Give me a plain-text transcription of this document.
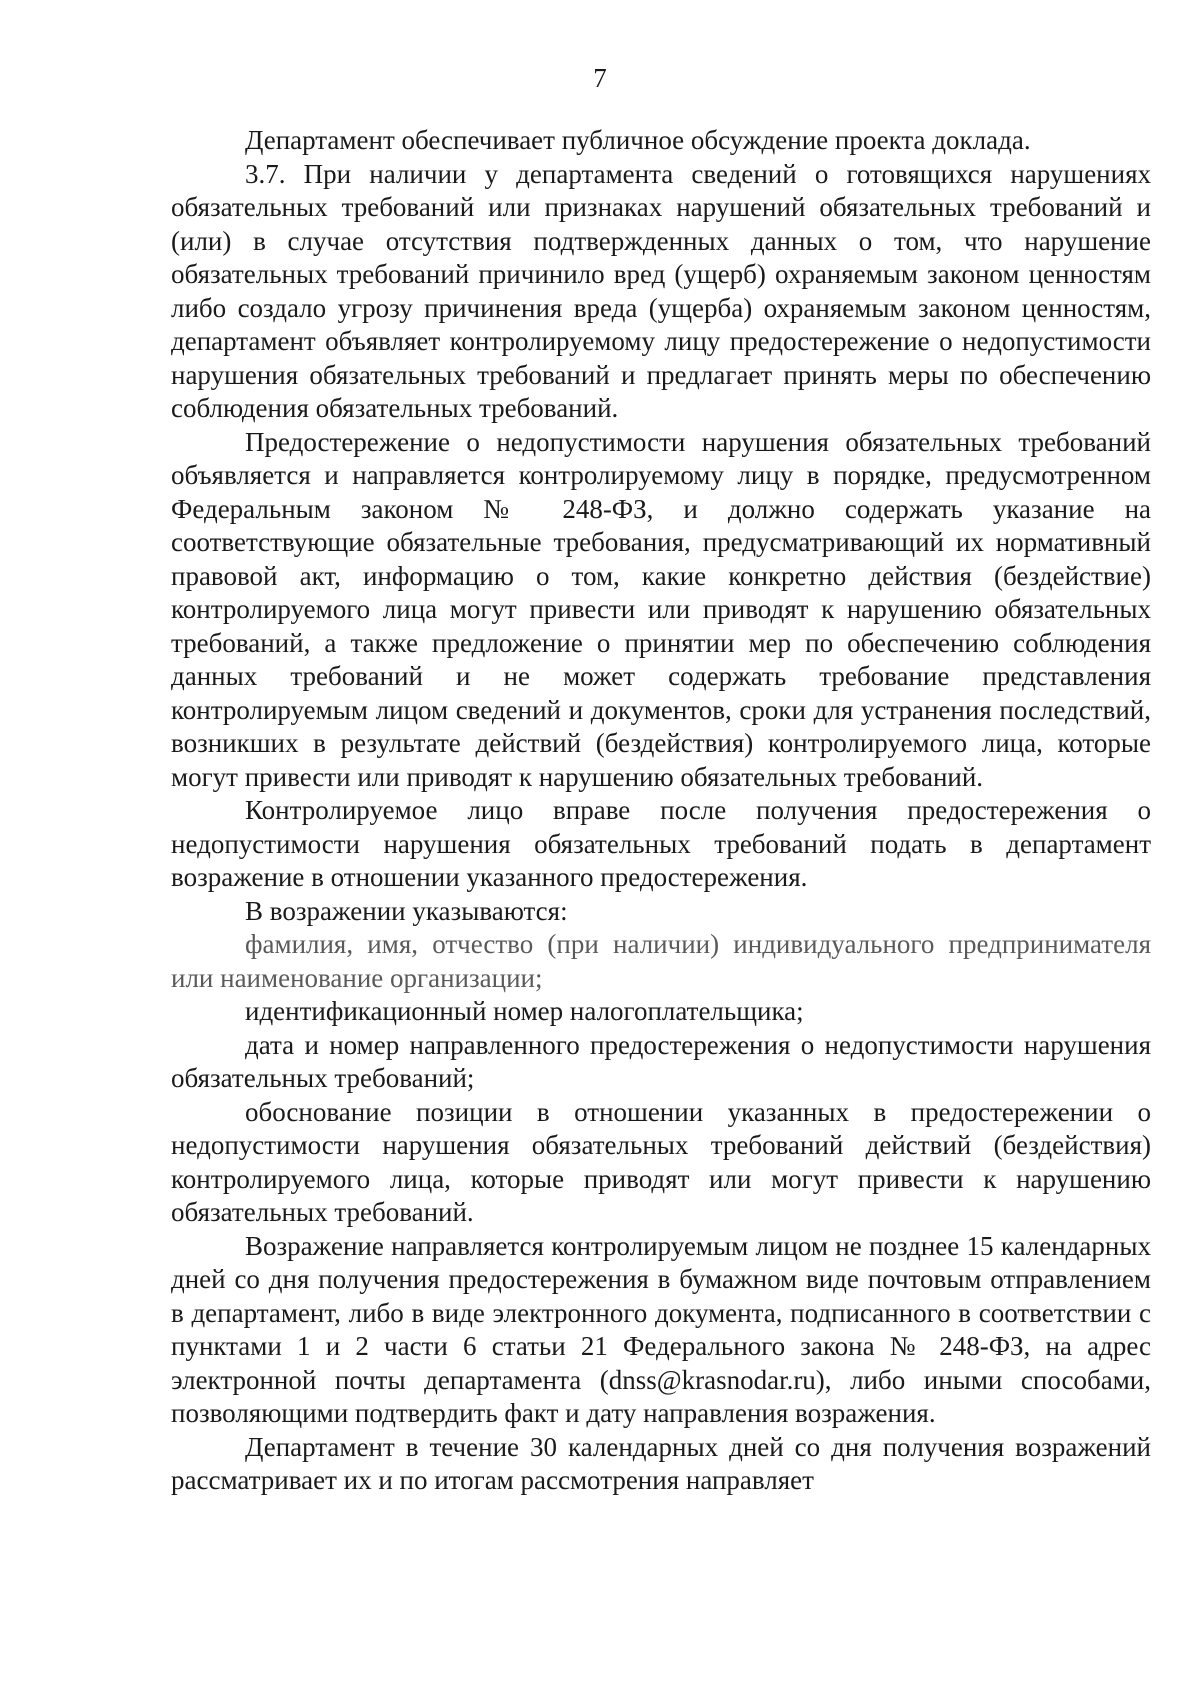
7

Департамент обеспечивает публичное обсуждение проекта доклада.

3.7. При наличии у департамента сведений о готовящихся нарушениях обязательных требований или признаках нарушений обязательных требований и (или) в случае отсутствия подтвержденных данных о том, что нарушение обязательных требований причинило вред (ущерб) охраняемым законом ценностям либо создало угрозу причинения вреда (ущерба) охраняемым законом ценностям, департамент объявляет контролируемому лицу предостережение о недопустимости нарушения обязательных требований и предлагает принять меры по обеспечению соблюдения обязательных требований.

Предостережение о недопустимости нарушения обязательных требований объявляется и направляется контролируемому лицу в порядке, предусмотренном Федеральным законом № 248-ФЗ, и должно содержать указание на соответствующие обязательные требования, предусматривающий их нормативный правовой акт, информацию о том, какие конкретно действия (бездействие) контролируемого лица могут привести или приводят к нарушению обязательных требований, а также предложение о принятии мер по обеспечению соблюдения данных требований и не может содержать требование представления контролируемым лицом сведений и документов, сроки для устранения последствий, возникших в результате действий (бездействия) контролируемого лица, которые могут привести или приводят к нарушению обязательных требований.

Контролируемое лицо вправе после получения предостережения о недопустимости нарушения обязательных требований подать в департамент возражение в отношении указанного предостережения.

В возражении указываются:

фамилия, имя, отчество (при наличии) индивидуального предпринимателя или наименование организации;

идентификационный номер налогоплательщика;

дата и номер направленного предостережения о недопустимости нарушения обязательных требований;

обоснование позиции в отношении указанных в предостережении о недопустимости нарушения обязательных требований действий (бездействия) контролируемого лица, которые приводят или могут привести к нарушению обязательных требований.

Возражение направляется контролируемым лицом не позднее 15 календарных дней со дня получения предостережения в бумажном виде почтовым отправлением в департамент, либо в виде электронного документа, подписанного в соответствии с пунктами 1 и 2 части 6 статьи 21 Федерального закона № 248-ФЗ, на адрес электронной почты департамента (dnss@krasnodar.ru), либо иными способами, позволяющими подтвердить факт и дату направления возражения.

Департамент в течение 30 календарных дней со дня получения возражений рассматривает их и по итогам рассмотрения направляет
